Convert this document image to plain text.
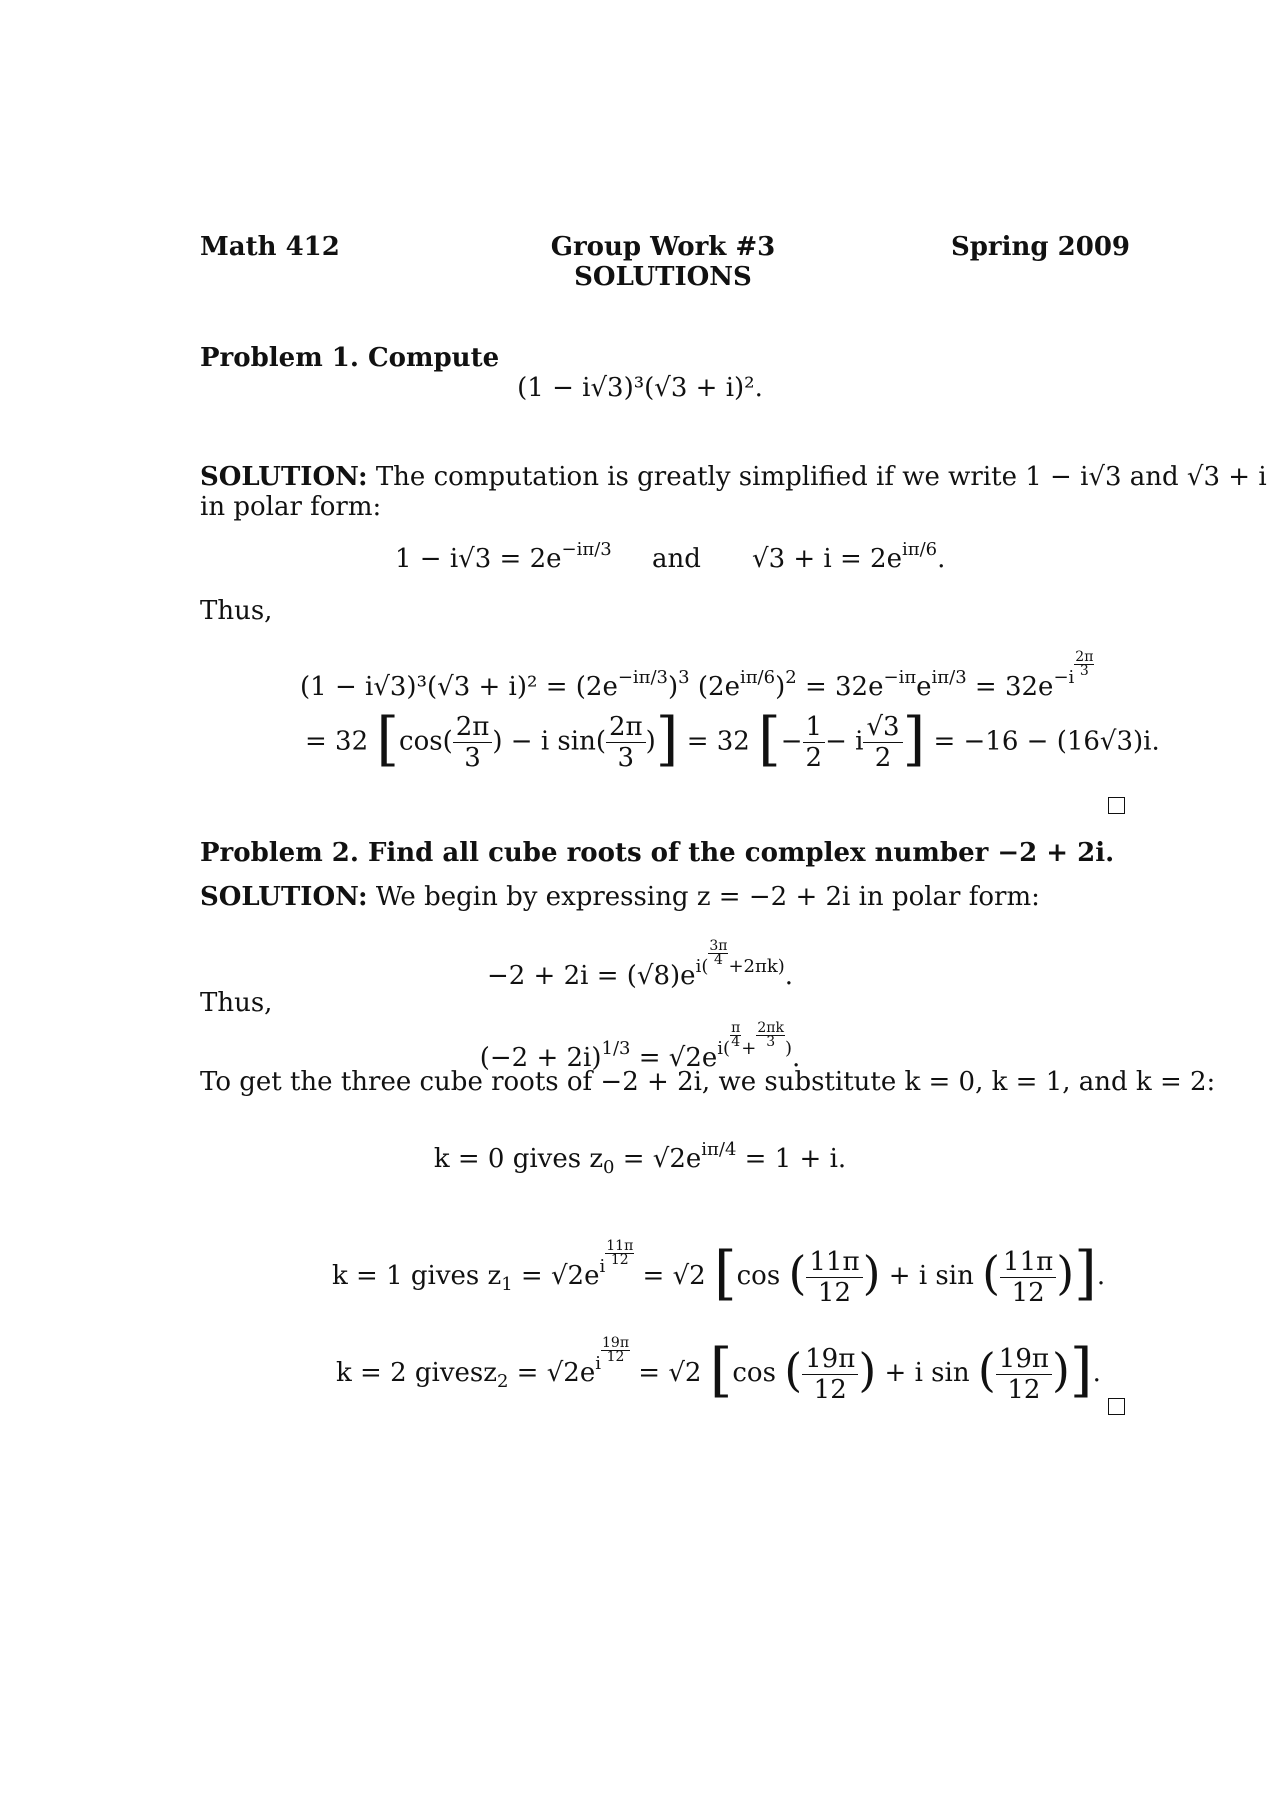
Math 412	Group Work #3
SOLUTIONS
Spring 2009
Problem 1. Compute
(1 − i√3)³(√3 + i)².
SOLUTION: The computation is greatly simplified if we write 1 − i√3 and √3 + i
in polar form:
$1 - i√3 = 2e^{-i\pi/3}$ and $√3 + i = 2e^{i\pi/6}$.
Thus,
$(1 - i√3)^3(√3 + i)^2 = (2e^{-i\pi/3})^3$ $(2e^{i\pi/6})^2 = 32e^{-i\pi}e^{i\pi/3} = 32e^{-i \frac{2\pi}{3}}$
= 32 [$\cos( \frac{2\pi}{3}$ ) − i $\sin( \frac{2\pi}{3}$ )] = 32 [− $\frac{1}{2} - i \frac{√3}{2}$ ] = −16 − (16√3)i.
Problem 2. Find all cube roots of the complex number −2 + 2i.
SOLUTION: We begin by expressing z = −2 + 2i in polar form:
$-2 + 2i = (√8)e^{i( \frac{3\pi}{4} +2\pi k)}$.
Thus,
$(-2 + 2i)^{1/3} = √2e^{i( \frac{\pi}{4} + \frac{2\pi k}{3} )}$.
To get the three cube roots of −2 + 2i, we substitute k = 0, k = 1, and k = 2:
k = 0 gives $z_0 = √2e^{i\pi/4} = 1 + i$.
k = 1 gives $z_1 = √2e^{i \frac{11\pi}{12}}$
= √2 [cos ( $\frac{11\pi}{12}$ ) + i sin ( $\frac{11\pi}{12}$ )].
k = 2 givesz$_2$ = $√2e^{i \frac{19\pi}{12}}$
= √2 [cos ( $\frac{19\pi}{12}$ ) + i sin ( $\frac{19\pi}{12}$ )].
